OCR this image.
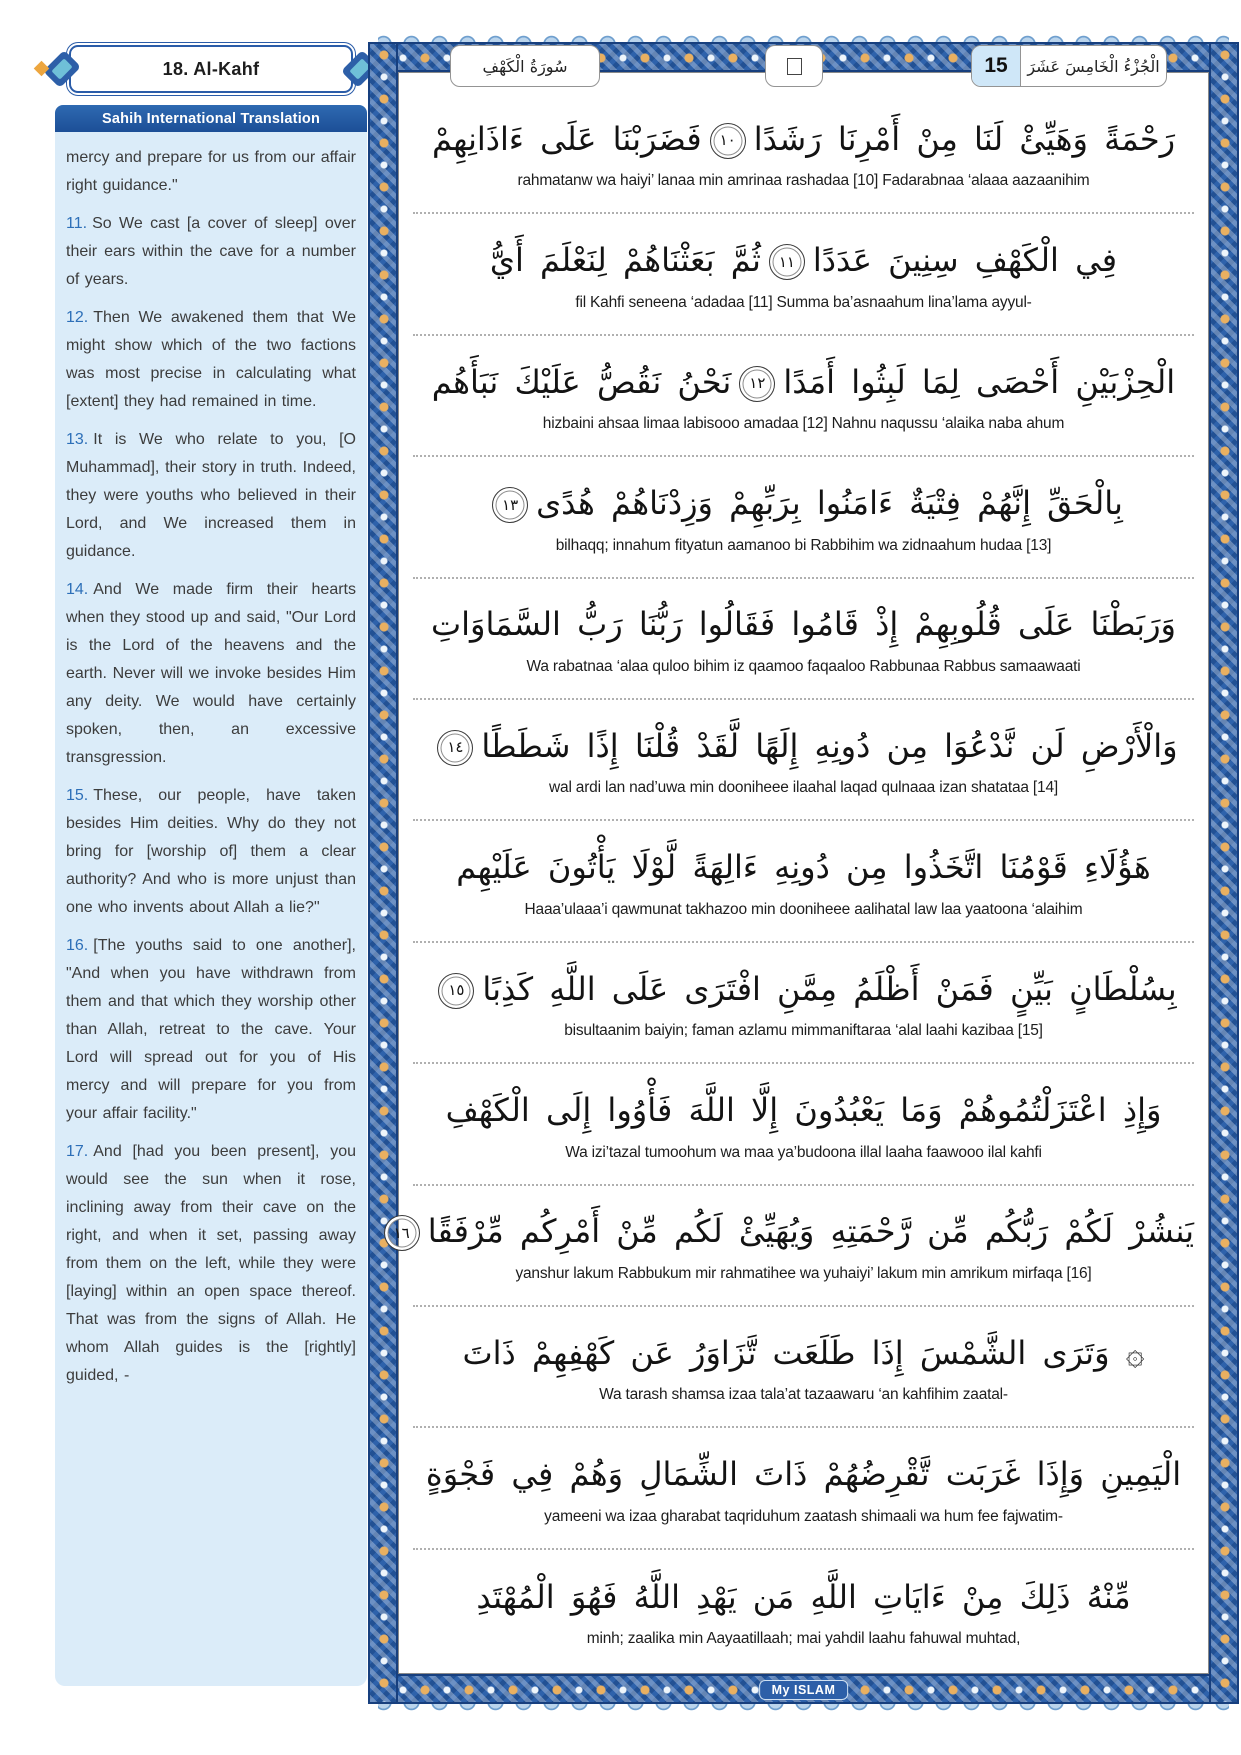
18. Al-Kahf
Sahih International Translation

mercy and prepare for us from our affair right guidance."

11. So We cast [a cover of sleep] over their ears within the cave for a number of years.

12. Then We awakened them that We might show which of the two factions was most precise in calculating what [extent] they had remained in time.

13. It is We who relate to you, [O Muhammad], their story in truth. Indeed, they were youths who believed in their Lord, and We increased them in guidance.

14. And We made firm their hearts when they stood up and said, "Our Lord is the Lord of the heavens and the earth. Never will we invoke besides Him any deity. We would have certainly spoken, then, an excessive transgression.

15. These, our people, have taken besides Him deities. Why do they not bring for [worship of] them a clear authority? And who is more unjust than one who invents about Allah a lie?"

16. [The youths said to one another], "And when you have withdrawn from them and that which they worship other than Allah, retreat to the cave. Your Lord will spread out for you of His mercy and will prepare for you from your affair facility."

17. And [had you been present], you would see the sun when it rose, inclining away from their cave on the right, and when it set, passing away from them on the left, while they were [laying] within an open space thereof. That was from the signs of Allah. He whom Allah guides is the [rightly] guided, -

سُورَةُ الْكَهْفِ	15	الْجُزْءُ الْخَامِسَ عَشَرَ
رَحْمَةً وَهَيِّئْ لَنَا مِنْ أَمْرِنَا رَشَدًا١٠فَضَرَبْنَا عَلَى ءَاذَانِهِمْ
rahmatanw wa haiyi’ lanaa min amrinaa rashadaa [10] Fadarabnaa ‘alaaa aazaanihim
فِي الْكَهْفِ سِنِينَ عَدَدًا١١ثُمَّ بَعَثْنَاهُمْ لِنَعْلَمَ أَيُّ
fil Kahfi seneena ‘adadaa [11] Summa ba’asnaahum lina’lama ayyul-
الْحِزْبَيْنِ أَحْصَى لِمَا لَبِثُوا أَمَدًا١٢نَحْنُ نَقُصُّ عَلَيْكَ نَبَأَهُم
hizbaini ahsaa limaa labisooo amadaa [12] Nahnu naqussu ‘alaika naba ahum
بِالْحَقِّ إِنَّهُمْ فِتْيَةٌ ءَامَنُوا بِرَبِّهِمْ وَزِدْنَاهُمْ هُدًى١٣
bilhaqq; innahum fityatun aamanoo bi Rabbihim wa zidnaahum hudaa [13]
وَرَبَطْنَا عَلَى قُلُوبِهِمْ إِذْ قَامُوا فَقَالُوا رَبُّنَا رَبُّ السَّمَاوَاتِ
Wa rabatnaa ‘alaa quloo bihim iz qaamoo faqaaloo Rabbunaa Rabbus samaawaati
وَالْأَرْضِ لَن نَّدْعُوَا مِن دُونِهِ إِلَهًا لَّقَدْ قُلْنَا إِذًا شَطَطًا١٤
wal ardi lan nad’uwa min dooniheee ilaahal laqad qulnaaa izan shatataa [14]
هَؤُلَاءِ قَوْمُنَا اتَّخَذُوا مِن دُونِهِ ءَالِهَةً لَّوْلَا يَأْتُونَ عَلَيْهِم
Haaa’ulaaa’i qawmunat takhazoo min dooniheee aalihatal law laa yaatoona ‘alaihim
بِسُلْطَانٍ بَيِّنٍ فَمَنْ أَظْلَمُ مِمَّنِ افْتَرَى عَلَى اللَّهِ كَذِبًا١٥
bisultaanim baiyin; faman azlamu mimmaniftaraa ‘alal laahi kazibaa [15]
وَإِذِ اعْتَزَلْتُمُوهُمْ وَمَا يَعْبُدُونَ إِلَّا اللَّهَ فَأْوُوا إِلَى الْكَهْفِ
Wa izi’tazal tumoohum wa maa ya’budoona illal laaha faawooo ilal kahfi
يَنشُرْ لَكُمْ رَبُّكُم مِّن رَّحْمَتِهِ وَيُهَيِّئْ لَكُم مِّنْ أَمْرِكُم مِّرْفَقًا١٦
yanshur lakum Rabbukum mir rahmatihee wa yuhaiyi’ lakum min amrikum mirfaqa [16]
۞ وَتَرَى الشَّمْسَ إِذَا طَلَعَت تَّزَاوَرُ عَن كَهْفِهِمْ ذَاتَ
Wa tarash shamsa izaa tala’at tazaawaru ‘an kahfihim zaatal-
الْيَمِينِ وَإِذَا غَرَبَت تَّقْرِضُهُمْ ذَاتَ الشِّمَالِ وَهُمْ فِي فَجْوَةٍ
yameeni wa izaa gharabat taqriduhum zaatash shimaali wa hum fee fajwatim-
مِّنْهُ ذَلِكَ مِنْ ءَايَاتِ اللَّهِ مَن يَهْدِ اللَّهُ فَهُوَ الْمُهْتَدِ
minh; zaalika min Aayaatillaah; mai yahdil laahu fahuwal muhtad,
My ISLAM
